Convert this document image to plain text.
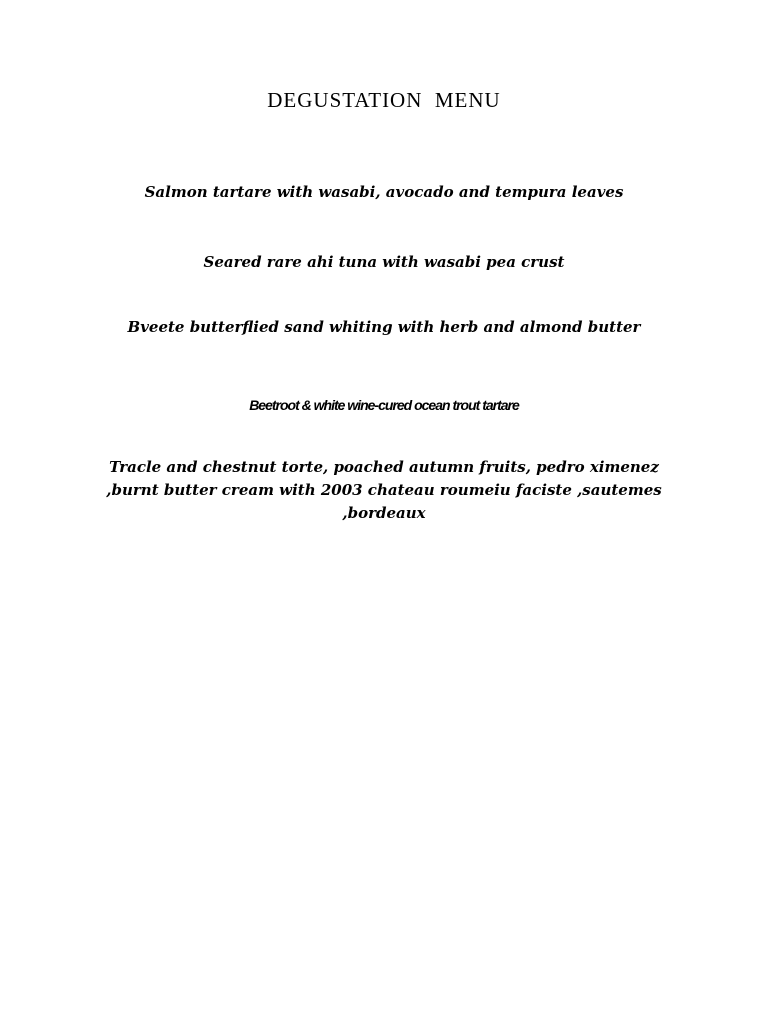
DEGUSTATION  MENU

Salmon tartare with wasabi, avocado and tempura leaves

Seared rare ahi tuna with wasabi pea crust

Bveete butterflied sand whiting with herb and almond butter

Beetroot & white wine-cured ocean trout tartare

Tracle and chestnut torte, poached autumn fruits, pedro ximenez ,burnt butter cream with 2003 chateau roumeiu faciste ,sautemes ,bordeaux
